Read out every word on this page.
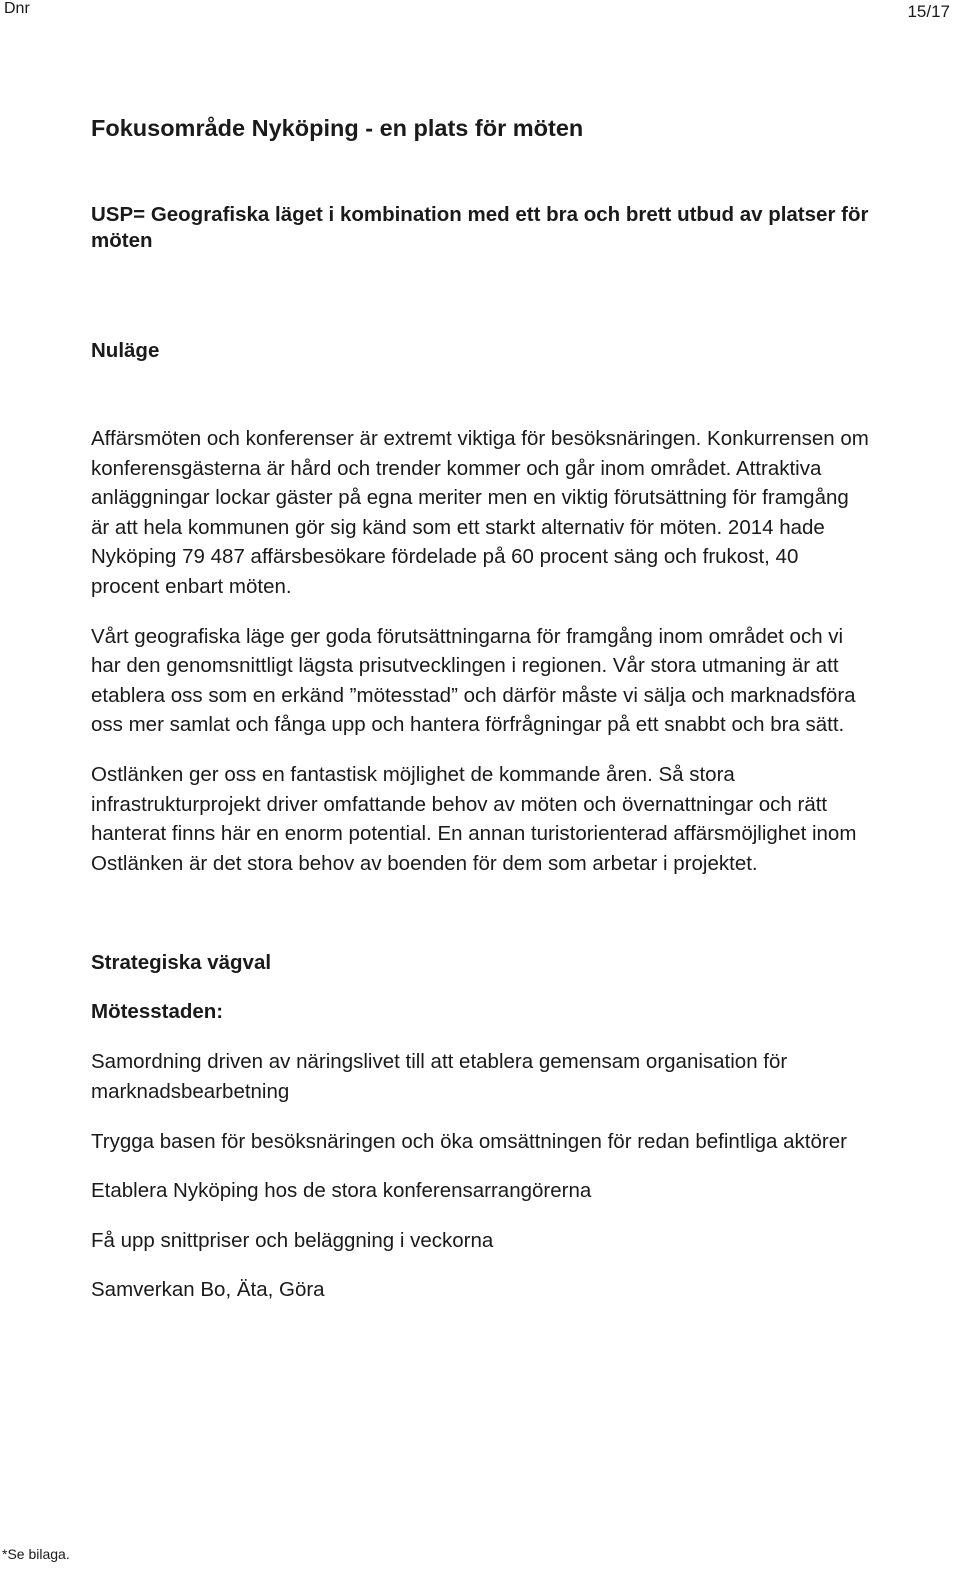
Dnr	15/17
Fokusområde Nyköping - en plats för möten

USP= Geografiska läget i kombination med ett bra och brett utbud av platser för möten

Nuläge

Affärsmöten och konferenser är extremt viktiga för besöksnäringen. Konkurrensen om konferensgästerna är hård och trender kommer och går inom området. Attraktiva anläggningar lockar gäster på egna meriter men en viktig förutsättning för framgång är att hela kommunen gör sig känd som ett starkt alternativ för möten. 2014 hade Nyköping 79 487 affärsbesökare fördelade på 60 procent säng och frukost, 40 procent enbart möten.

Vårt geografiska läge ger goda förutsättningarna för framgång inom området och vi har den genomsnittligt lägsta prisutvecklingen i regionen. Vår stora utmaning är att etablera oss som en erkänd ”mötesstad” och därför måste vi sälja och marknadsföra oss mer samlat och fånga upp och hantera förfrågningar på ett snabbt och bra sätt.

Ostlänken ger oss en fantastisk möjlighet de kommande åren. Så stora infrastrukturprojekt driver omfattande behov av möten och övernattningar och rätt hanterat finns här en enorm potential. En annan turistorienterad affärsmöjlighet inom Ostlänken är det stora behov av boenden för dem som arbetar i projektet.

Strategiska vägval
Mötesstaden:

Samordning driven av näringslivet till att etablera gemensam organisation för marknadsbearbetning

Trygga basen för besöksnäringen och öka omsättningen för redan befintliga aktörer

Etablera Nyköping hos de stora konferensarrangörerna

Få upp snittpriser och beläggning i veckorna

Samverkan Bo, Äta, Göra

*Se bilaga.
